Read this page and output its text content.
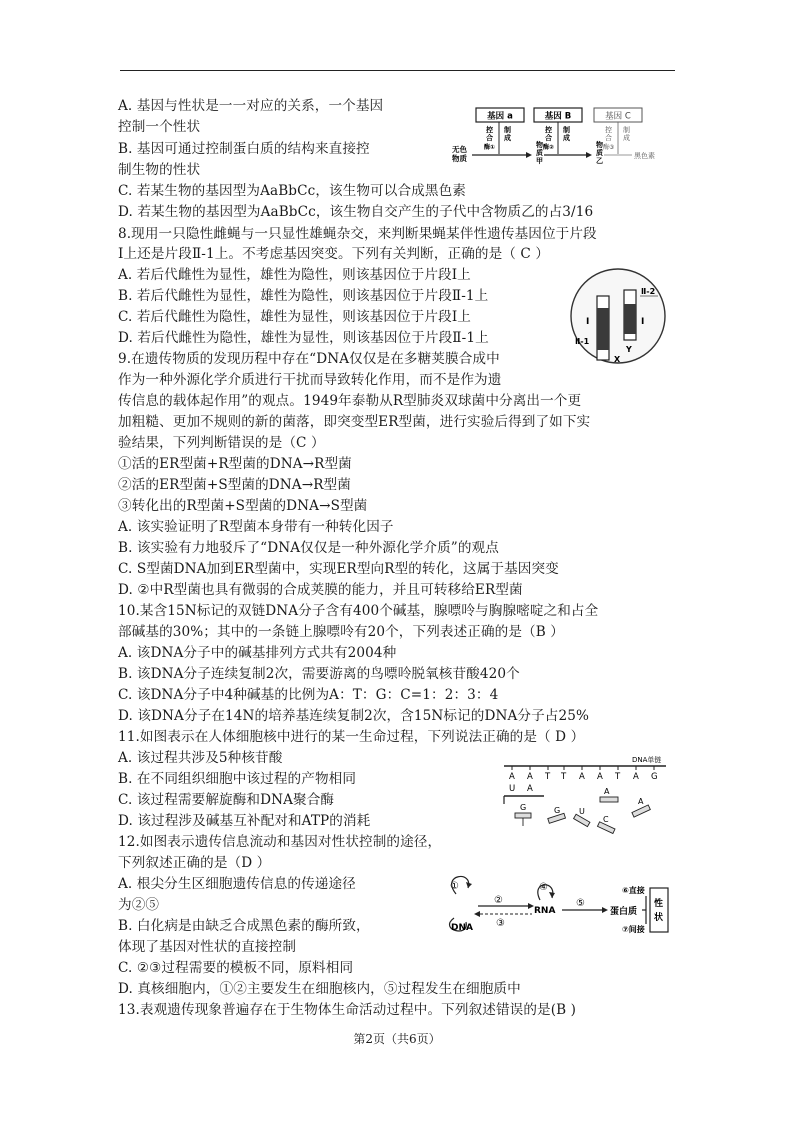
A. 基因与性状是一一对应的关系，一个基因
控制一个性状
B. 基因可通过控制蛋白质的结构来直接控
制生物的性状
C. 若某生物的基因型为AaBbCc，该生物可以合成黑色素
D. 若某生物的基因型为AaBbCc，该生物自交产生的子代中含物质乙的占3/16
8.现用一只隐性雌蝇与一只显性雄蝇杂交，来判断果蝇某伴性遗传基因位于片段
Ⅰ上还是片段Ⅱ-1上。不考虑基因突变。下列有关判断，正确的是（ C ）
A. 若后代雌性为显性，雄性为隐性，则该基因位于片段Ⅰ上
B. 若后代雌性为显性，雄性为隐性，则该基因位于片段Ⅱ-1上
C. 若后代雌性为隐性，雄性为显性，则该基因位于片段Ⅰ上
D. 若后代雌性为隐性，雄性为显性，则该基因位于片段Ⅱ-1上
9.在遗传物质的发现历程中存在“DNA仅仅是在多糖荚膜合成中
作为一种外源化学介质进行干扰而导致转化作用，而不是作为遗
传信息的载体起作用”的观点。1949年泰勒从R型肺炎双球菌中分离出一个更
加粗糙、更加不规则的新的菌落，即突变型ER型菌，进行实验后得到了如下实
验结果，下列判断错误的是（C ）
①活的ER型菌+R型菌的DNA→R型菌
②活的ER型菌+S型菌的DNA→R型菌
③转化出的R型菌+S型菌的DNA→S型菌
A. 该实验证明了R型菌本身带有一种转化因子
B. 该实验有力地驳斥了“DNA仅仅是一种外源化学介质”的观点
C. S型菌DNA加到ER型菌中，实现ER型向R型的转化，这属于基因突变
D. ②中R型菌也具有微弱的合成荚膜的能力，并且可转移给ER型菌
10.某含15N标记的双链DNA分子含有400个碱基，腺嘌呤与胸腺嘧啶之和占全
部碱基的30%；其中的一条链上腺嘌呤有20个，下列表述正确的是（B ）
A. 该DNA分子中的碱基排列方式共有2004种
B. 该DNA分子连续复制2次，需要游离的鸟嘌呤脱氧核苷酸420个
C. 该DNA分子中4种碱基的比例为A：T：G：C=1：2：3：4
D. 该DNA分子在14N的培养基连续复制2次，含15N标记的DNA分子占25%
11.如图表示在人体细胞核中进行的某一生命过程，下列说法正确的是（ D ）
A. 该过程共涉及5种核苷酸
B. 在不同组织细胞中该过程的产物相同
C. 该过程需要解旋酶和DNA聚合酶
D. 该过程涉及碱基互补配对和ATP的消耗
12.如图表示遗传信息流动和基因对性状控制的途径，
下列叙述正确的是（D ）
A. 根尖分生区细胞遗传信息的传递途径
为②⑤
B. 白化病是由缺乏合成黑色素的酶所致，
体现了基因对性状的直接控制
C. ②③过程需要的模板不同，原料相同
D. 真核细胞内，①②主要发生在细胞核内，⑤过程发生在细胞质中
13.表观遗传现象普遍存在于生物体生命活动过程中。下列叙述错误的是(B )
基因 a	基因 B	基因 C
控
合
酶①
制
成
控
合
酶②
制
成
控
合
酶③
制
成
无色
物质
物
质
甲
物
质
乙
黑色素
Ⅱ-2
Ⅰ	Ⅰ
Ⅱ-1
X
Y
DNA单链
A A T T A A T A G
U A
G
A
G U
C
A
①
DNA
②
③
RNA
④
⑤
蛋白质
⑥直接
⑦间接
性
状
第2页（共6页）
